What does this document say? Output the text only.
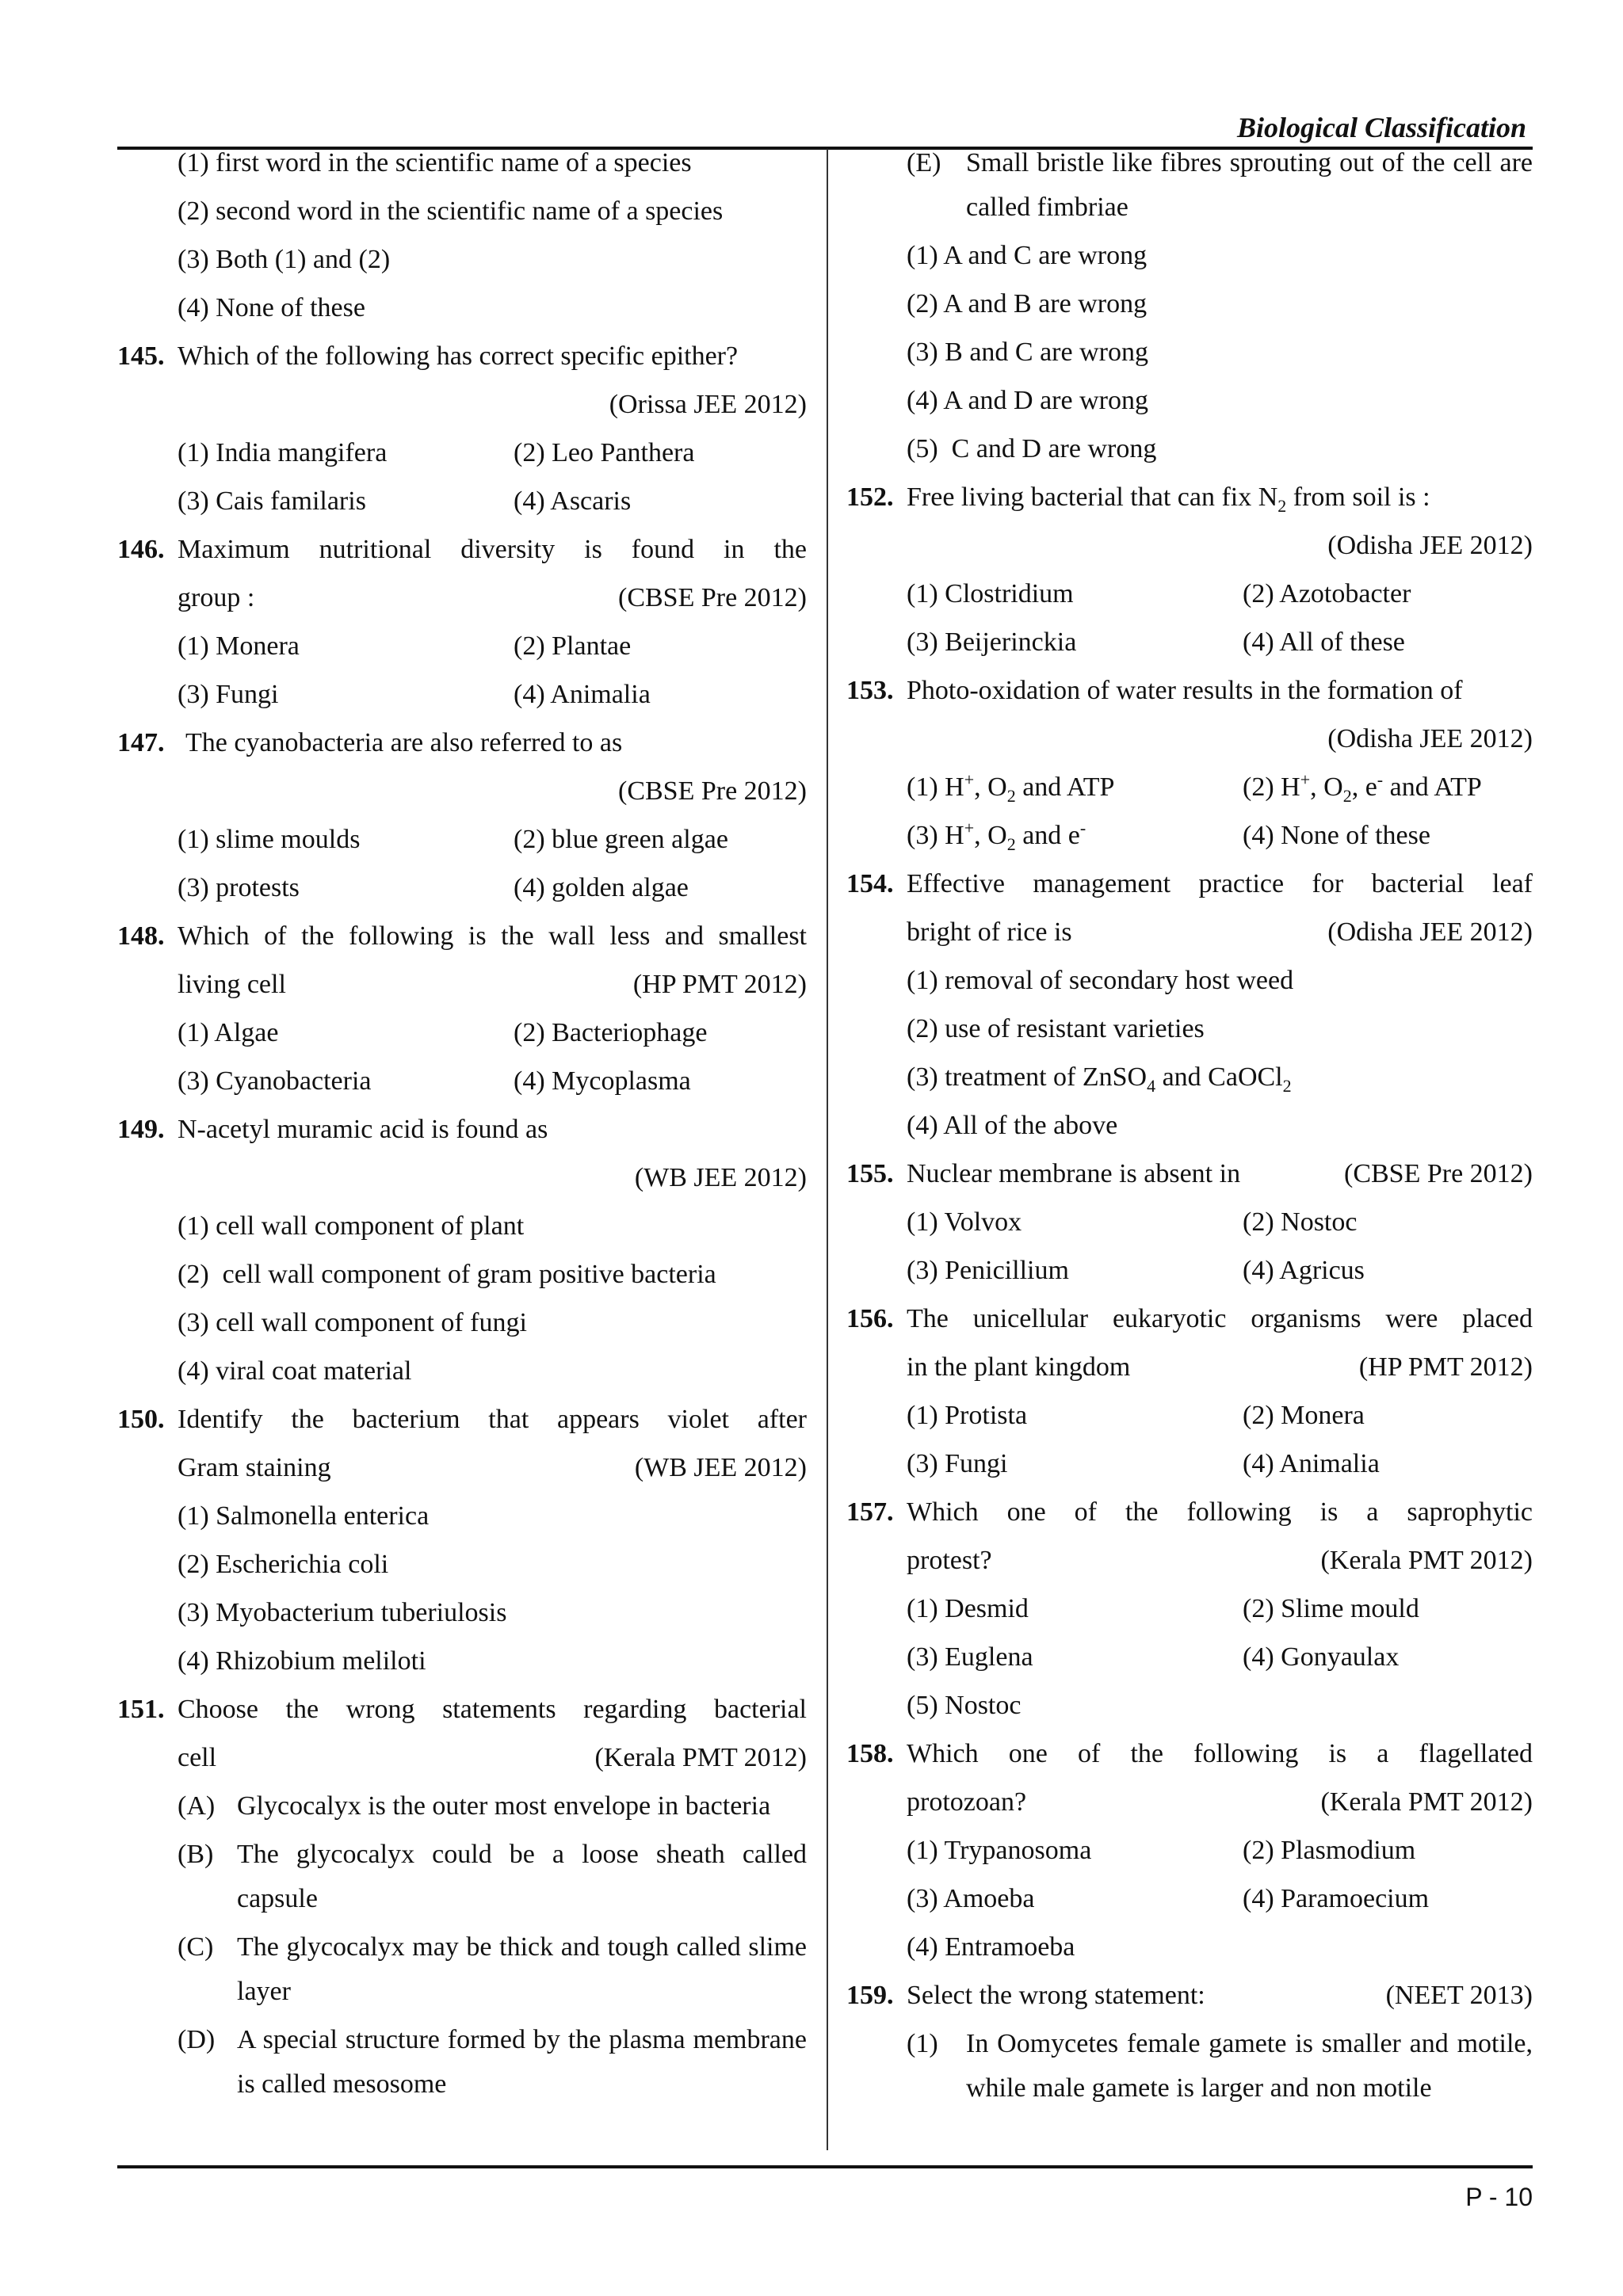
Biological Classification
(1) first word in the scientific name of a species
(2) second word in the scientific name of a species
(3) Both (1) and (2)
(4) None of these
145. Which of the following has correct specific epither?
(Orissa JEE 2012)
(1) India mangifera	(2) Leo Panthera
(3) Cais familaris	(4) Ascaris
146. Maximum nutritional diversity is found in the
group :	(CBSE Pre 2012)
(1) Monera	(2) Plantae
(3) Fungi	(4) Animalia
147. The cyanobacteria are also referred to as
(CBSE Pre 2012)
(1) slime moulds	(2) blue green algae
(3) protests	(4) golden algae
148. Which of the following is the wall less and smallest
living cell	(HP PMT 2012)
(1) Algae	(2) Bacteriophage
(3) Cyanobacteria	(4) Mycoplasma
149. N-acetyl muramic acid is found as
(WB JEE 2012)
(1) cell wall component of plant
(2)  cell wall component of gram positive bacteria
(3) cell wall component of fungi
(4) viral coat material
150. Identify the bacterium that appears violet after
Gram staining	(WB JEE 2012)
(1) Salmonella enterica
(2) Escherichia coli
(3) Myobacterium tuberiulosis
(4) Rhizobium meliloti
151. Choose the wrong statements regarding bacterial
cell	(Kerala PMT 2012)
(A) Glycocalyx is the outer most envelope in bacteria
(B) The glycocalyx could be a loose sheath called capsule
(C) The glycocalyx may be thick and tough called slime layer
(D) A special structure formed by the plasma membrane is called mesosome
(E) Small bristle like fibres sprouting out of the cell are called fimbriae
(1) A and C are wrong
(2) A and B are wrong
(3) B and C are wrong
(4) A and D are wrong
(5)  C and D are wrong
152. Free living bacterial that can fix $N_2$ from soil is :
(Odisha JEE 2012)
(1) Clostridium	(2) Azotobacter
(3) Beijerinckia	(4) All of these
153. Photo-oxidation of water results in the formation of
(Odisha JEE 2012)
(1) H+, $O_2$ and ATP	(2) H+, $O_2$, e- and ATP
(3) H+, $O_2$ and e-	(4) None of these
154. Effective management practice for bacterial leaf
bright of rice is	(Odisha JEE 2012)
(1) removal of secondary host weed
(2) use of resistant varieties
(3) treatment of ZnSO$_4$ and CaOCl$_2$
(4) All of the above
155. Nuclear membrane is absent in	(CBSE Pre 2012)
(1) Volvox	(2) Nostoc
(3) Penicillium	(4) Agricus
156. The unicellular eukaryotic organisms were placed
in the plant kingdom	(HP PMT 2012)
(1) Protista	(2) Monera
(3) Fungi	(4) Animalia
157. Which one of the following is a saprophytic
protest?	(Kerala PMT 2012)
(1) Desmid	(2) Slime mould
(3) Euglena	(4) Gonyaulax
(5) Nostoc
158. Which one of the following is a flagellated
protozoan?	(Kerala PMT 2012)
(1) Trypanosoma	(2) Plasmodium
(3) Amoeba	(4) Paramoecium
(4) Entramoeba
159. Select the wrong statement:	(NEET 2013)
(1) In Oomycetes female gamete is smaller and motile, while male gamete is larger and non motile
P - 10
